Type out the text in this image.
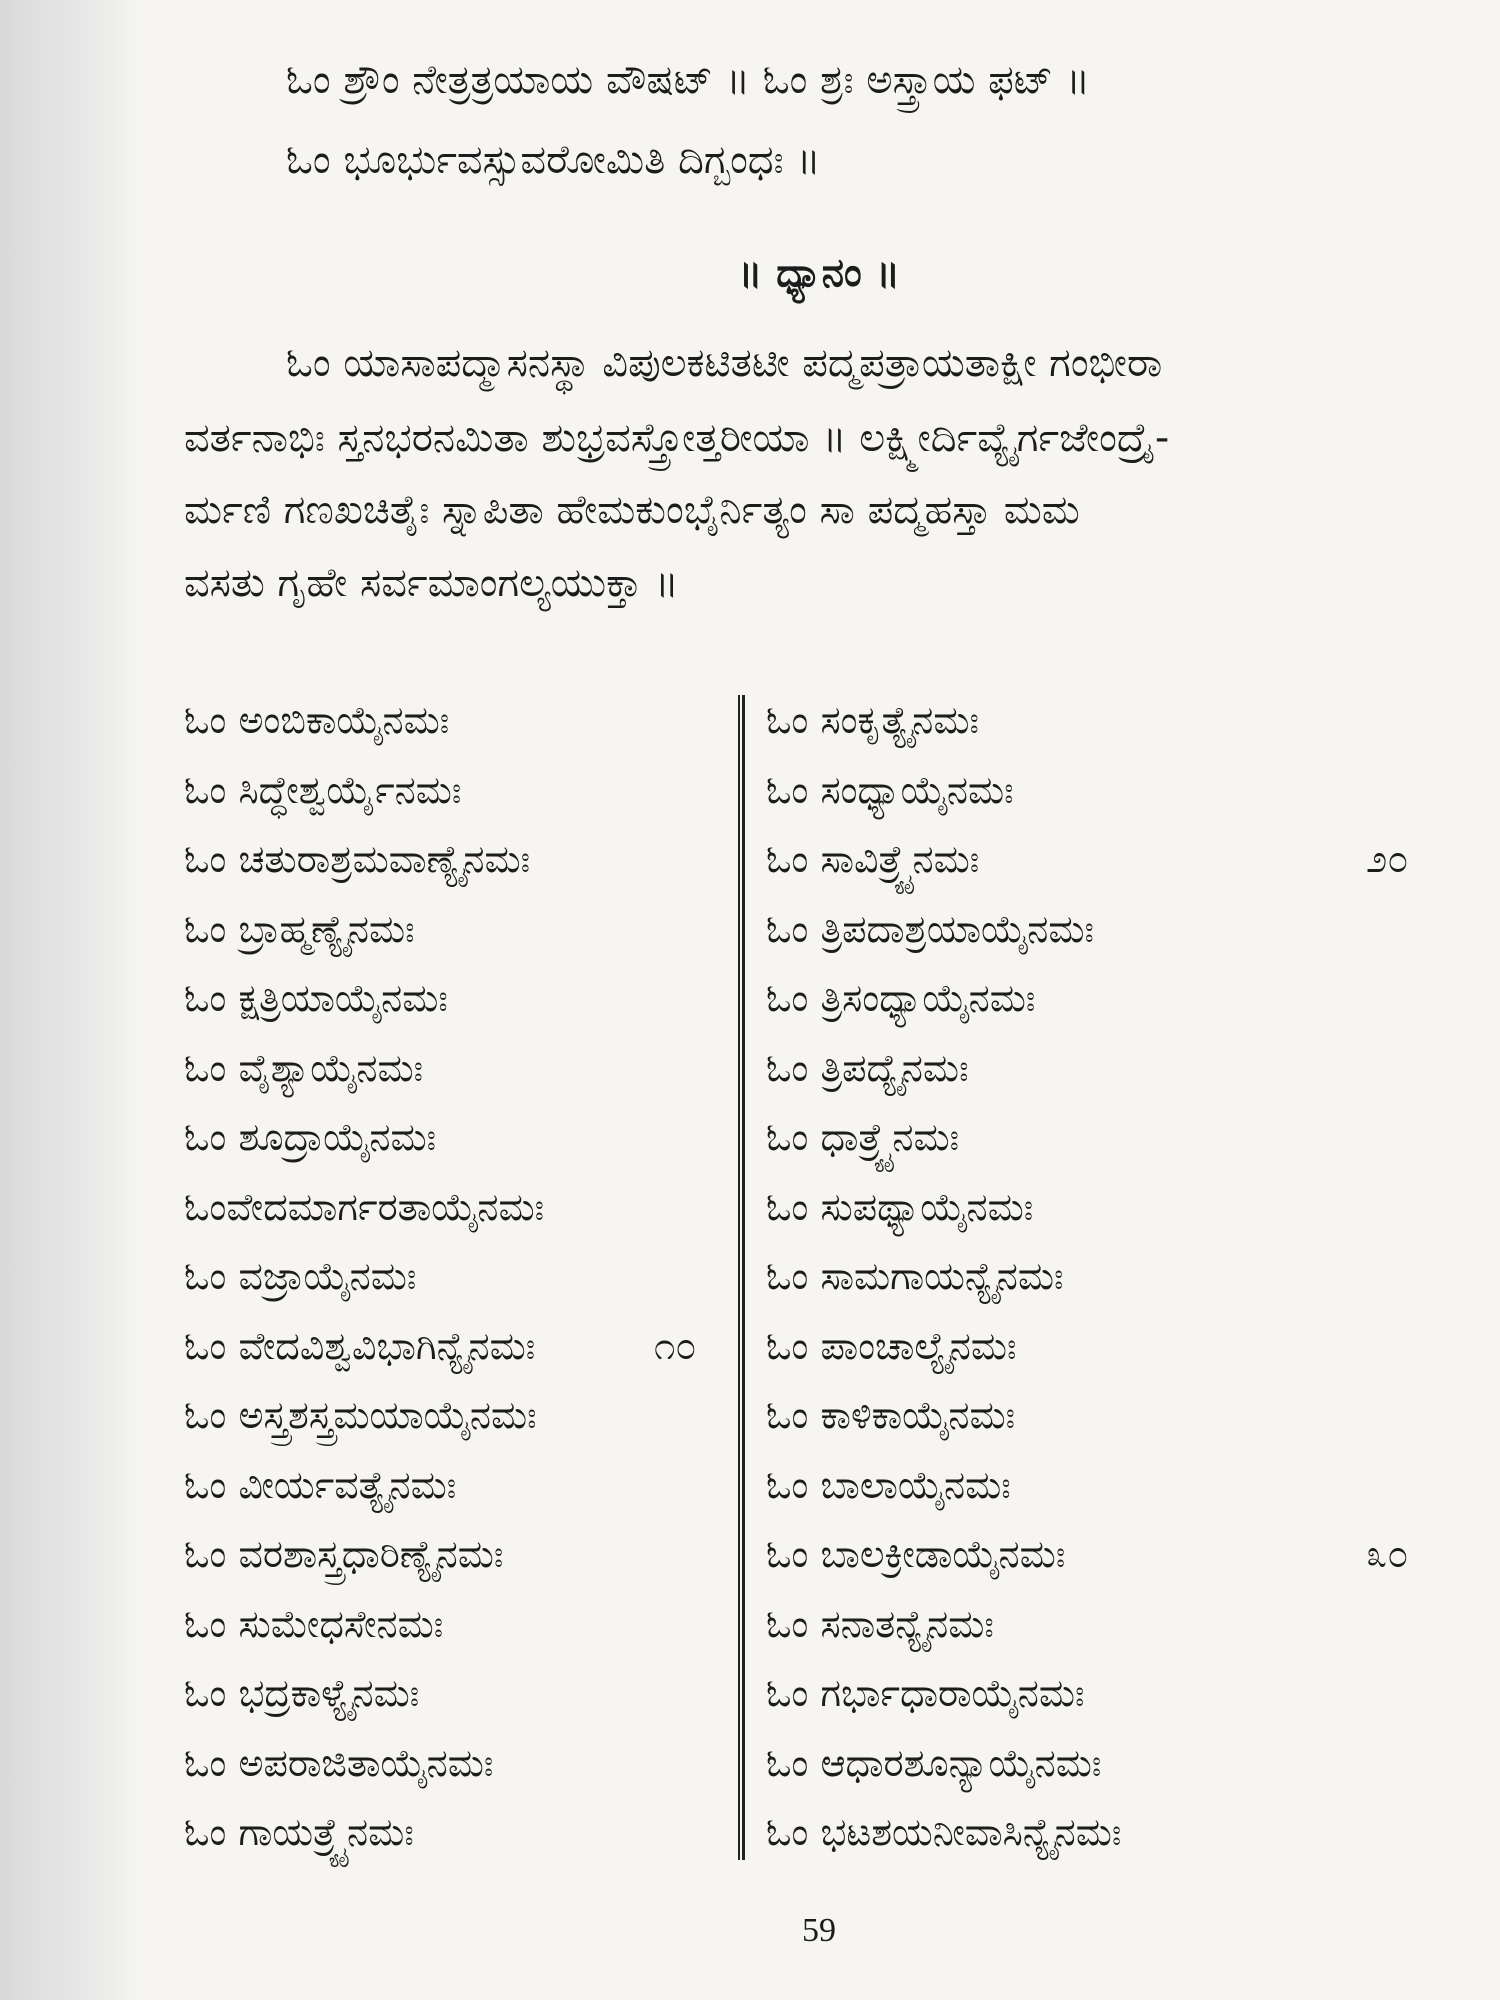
ಓಂ ಶ್ರೌಂ ನೇತ್ರತ್ರಯಾಯ ವೌಷಟ್ ॥ ಓಂ ಶ್ರಃ ಅಸ್ತ್ರಾಯ ಫಟ್ ॥
ಓಂ ಭೂರ್ಭುವಸ್ಸುವರೋಮಿತಿ ದಿಗ್ಬಂಧಃ ॥
॥ ಧ್ಯಾನಂ ॥
ಓಂ ಯಾಸಾಪದ್ಮಾಸನಸ್ಥಾ ವಿಪುಲಕಟಿತಟೀ ಪದ್ಮಪತ್ರಾಯತಾಕ್ಷೀ ಗಂಭೀರಾ
ವರ್ತನಾಭಿಃ ಸ್ತನಭರನಮಿತಾ ಶುಭ್ರವಸ್ತ್ರೋತ್ತರೀಯಾ ॥ ಲಕ್ಷ್ಮೀರ್ದಿವ್ಯೈರ್ಗಜೇಂದ್ರೈ-
ರ್ಮಣಿ ಗಣಖಚಿತೈಃ ಸ್ನಾಪಿತಾ ಹೇಮಕುಂಭೈರ್ನಿತ್ಯಂ ಸಾ ಪದ್ಮಹಸ್ತಾ ಮಮ
ವಸತು ಗೃಹೇ ಸರ್ವಮಾಂಗಲ್ಯಯುಕ್ತಾ ॥
ಓಂ ಅಂಬಿಕಾಯೈನಮಃ
ಓಂ ಸಿದ್ಧೇಶ್ವರ್ಯೈನಮಃ
ಓಂ ಚತುರಾಶ್ರಮವಾಣ್ಯೈನಮಃ
ಓಂ ಬ್ರಾಹ್ಮಣ್ಯೈನಮಃ
ಓಂ ಕ್ಷತ್ರಿಯಾಯೈನಮಃ
ಓಂ ವೈಶ್ಯಾಯೈನಮಃ
ಓಂ ಶೂದ್ರಾಯೈನಮಃ
ಓಂವೇದಮಾರ್ಗರತಾಯೈನಮಃ
ಓಂ ವಜ್ರಾಯೈನಮಃ
ಓಂ ವೇದವಿಶ್ವವಿಭಾಗಿನ್ಯೈನಮಃ	೧೦
ಓಂ ಅಸ್ತ್ರಶಸ್ತ್ರಮಯಾಯೈನಮಃ
ಓಂ ವೀರ್ಯವತ್ಯೈನಮಃ
ಓಂ ವರಶಾಸ್ತ್ರಧಾರಿಣ್ಯೈನಮಃ
ಓಂ ಸುಮೇಧಸೇನಮಃ
ಓಂ ಭದ್ರಕಾಳ್ಯೈನಮಃ
ಓಂ ಅಪರಾಜಿತಾಯೈನಮಃ
ಓಂ ಗಾಯತ್ರ್ಯೈನಮಃ
ಓಂ ಸಂಕೃತ್ಯೈನಮಃ
ಓಂ ಸಂಧ್ಯಾಯೈನಮಃ
ಓಂ ಸಾವಿತ್ರ್ಯೈನಮಃ	೨೦
ಓಂ ತ್ರಿಪದಾಶ್ರಯಾಯೈನಮಃ
ಓಂ ತ್ರಿಸಂಧ್ಯಾಯೈನಮಃ
ಓಂ ತ್ರಿಪದ್ಯೈನಮಃ
ಓಂ ಧಾತ್ರ್ಯೈನಮಃ
ಓಂ ಸುಪಥ್ಯಾಯೈನಮಃ
ಓಂ ಸಾಮಗಾಯನ್ಯೈನಮಃ
ಓಂ ಪಾಂಚಾಲ್ಯೈನಮಃ
ಓಂ ಕಾಳಿಕಾಯೈನಮಃ
ಓಂ ಬಾಲಾಯೈನಮಃ
ಓಂ ಬಾಲಕ್ರೀಡಾಯೈನಮಃ	೩೦
ಓಂ ಸನಾತನ್ಯೈನಮಃ
ಓಂ ಗರ್ಭಾಧಾರಾಯೈನಮಃ
ಓಂ ಆಧಾರಶೂನ್ಯಾಯೈನಮಃ
ಓಂ ಭಟಶಯನೀವಾಸಿನ್ಯೈನಮಃ
59
